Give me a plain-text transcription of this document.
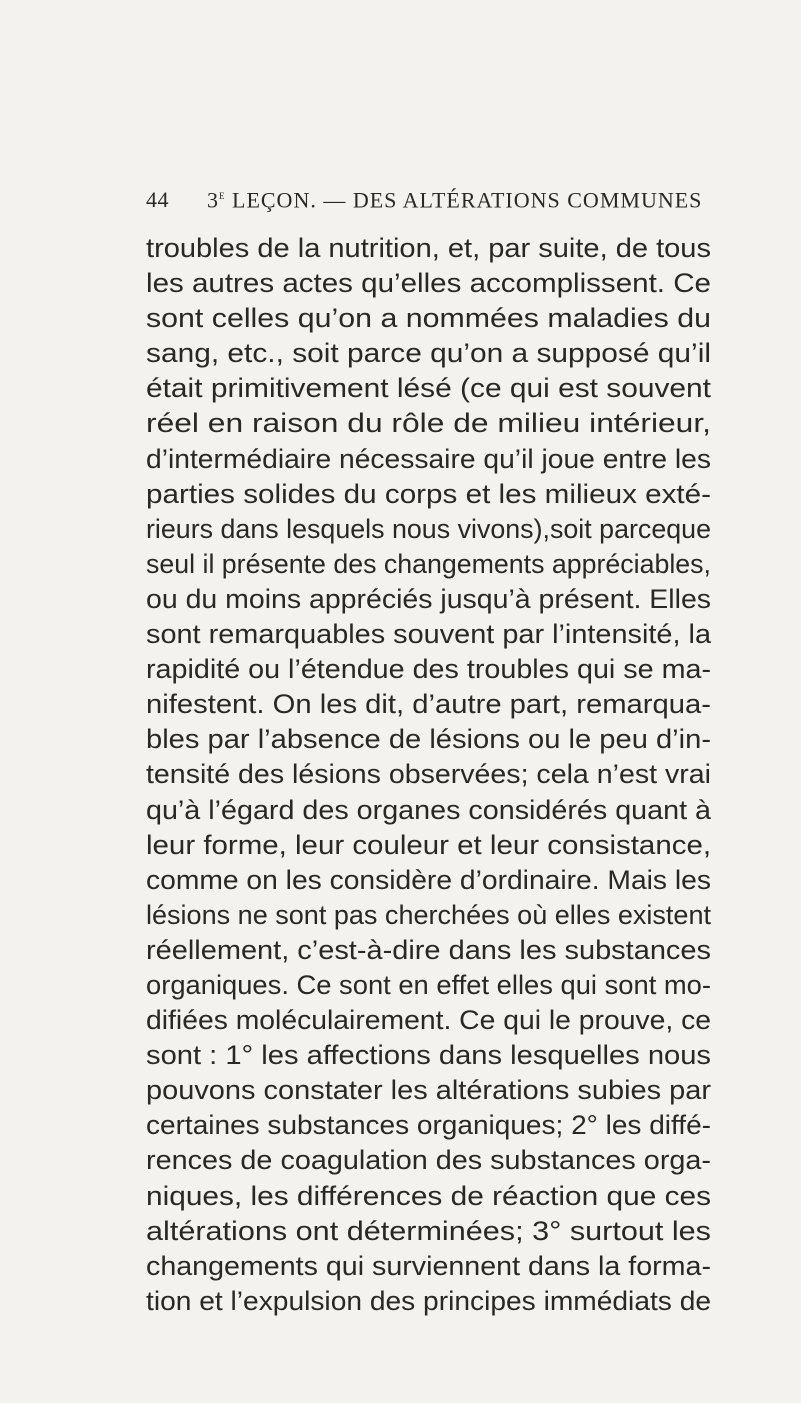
44 3e LEÇON. — DES ALTÉRATIONS COMMUNES
troubles de la nutrition, et, par suite, de tous
les autres actes qu’elles accomplissent. Ce
sont celles qu’on a nommées maladies du
sang, etc., soit parce qu’on a supposé qu’il
était primitivement lésé (ce qui est souvent
réel en raison du rôle de milieu intérieur,
d’intermédiaire nécessaire qu’il joue entre les
parties solides du corps et les milieux exté-
rieurs dans lesquels nous vivons),soit parceque
seul il présente des changements appréciables,
ou du moins appréciés jusqu’à présent. Elles
sont remarquables souvent par l’intensité, la
rapidité ou l’étendue des troubles qui se ma-
nifestent. On les dit, d’autre part, remarqua-
bles par l’absence de lésions ou le peu d’in-
tensité des lésions observées; cela n’est vrai
qu’à l’égard des organes considérés quant à
leur forme, leur couleur et leur consistance,
comme on les considère d’ordinaire. Mais les
lésions ne sont pas cherchées où elles existent
réellement, c’est-à-dire dans les substances
organiques. Ce sont en effet elles qui sont mo-
difiées moléculairement. Ce qui le prouve, ce
sont : 1° les affections dans lesquelles nous
pouvons constater les altérations subies par
certaines substances organiques; 2° les diffé-
rences de coagulation des substances orga-
niques, les différences de réaction que ces
altérations ont déterminées; 3° surtout les
changements qui surviennent dans la forma-
tion et l’expulsion des principes immédiats de
